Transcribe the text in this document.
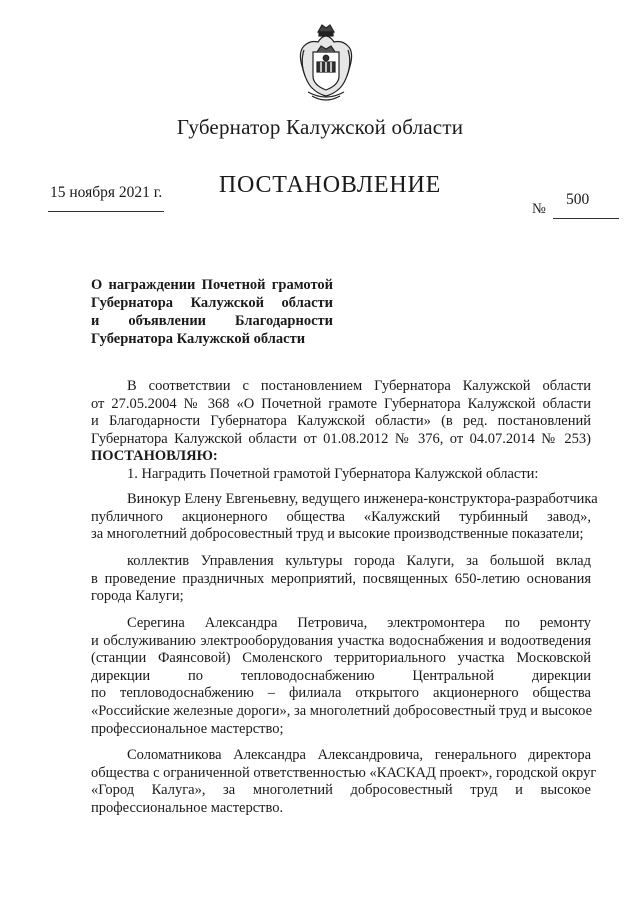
Губернатор Калужской области
15 ноября 2021 г.	ПОСТАНОВЛЕНИЕ
№
500
О награждении Почетной грамотой
Губернатора Калужской области
и объявлении Благодарности
Губернатора Калужской области
В соответствии с постановлением Губернатора Калужской области
от 27.05.2004 № 368 «О Почетной грамоте Губернатора Калужской области
и Благодарности Губернатора Калужской области» (в ред. постановлений
Губернатора Калужской области от 01.08.2012 № 376, от 04.07.2014 № 253)
ПОСТАНОВЛЯЮ:
1. Наградить Почетной грамотой Губернатора Калужской области:
Винокур Елену Евгеньевну, ведущего инженера-конструктора-разработчика
публичного акционерного общества «Калужский турбинный завод»,
за многолетний добросовестный труд и высокие производственные показатели;
коллектив Управления культуры города Калуги, за большой вклад
в проведение праздничных мероприятий, посвященных 650-летию основания
города Калуги;
Серегина Александра Петровича, электромонтера по ремонту
и обслуживанию электрооборудования участка водоснабжения и водоотведения
(станции Фаянсовой) Смоленского территориального участка Московской
дирекции по тепловодоснабжению Центральной дирекции
по тепловодоснабжению – филиала открытого акционерного общества
«Российские железные дороги», за многолетний добросовестный труд и высокое
профессиональное мастерство;
Соломатникова Александра Александровича, генерального директора
общества с ограниченной ответственностью «КАСКАД проект», городской округ
«Город Калуга», за многолетний добросовестный труд и высокое
профессиональное мастерство.
